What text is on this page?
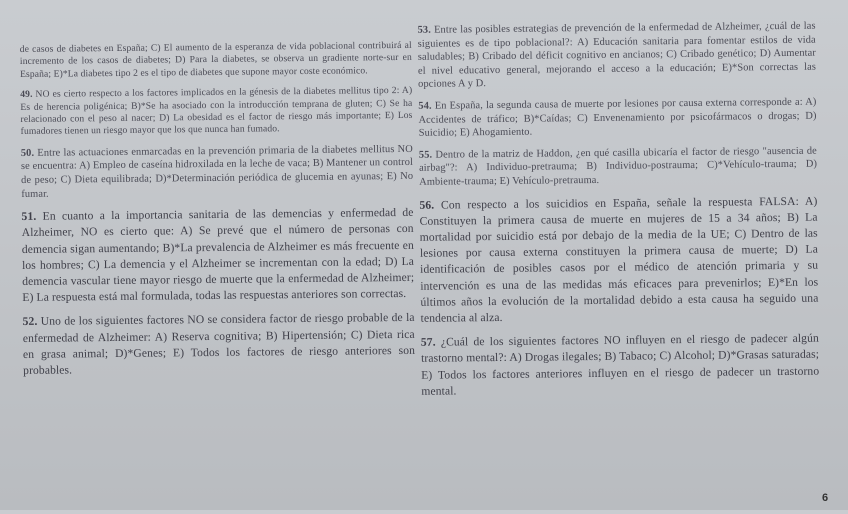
de casos de diabetes en España; C) El aumento de la esperanza de vida poblacional contribuirá al incremento de los casos de diabetes; D) Para la diabetes, se observa un gradiente norte-sur en España; E)*La diabetes tipo 2 es el tipo de diabetes que supone mayor coste económico.

49. NO es cierto respecto a los factores implicados en la génesis de la diabetes mellitus tipo 2: A) Es de herencia poligénica; B)*Se ha asociado con la introducción temprana de gluten; C) Se ha relacionado con el peso al nacer; D) La obesidad es el factor de riesgo más importante; E) Los fumadores tienen un riesgo mayor que los que nunca han fumado.

50. Entre las actuaciones enmarcadas en la prevención primaria de la diabetes mellitus NO se encuentra: A) Empleo de caseína hidroxilada en la leche de vaca; B) Mantener un control de peso; C) Dieta equilibrada; D)*Determinación periódica de glucemia en ayunas; E) No fumar.

51. En cuanto a la importancia sanitaria de las demencias y enfermedad de Alzheimer, NO es cierto que: A) Se prevé que el número de personas con demencia sigan aumentando; B)*La prevalencia de Alzheimer es más frecuente en los hombres; C) La demencia y el Alzheimer se incrementan con la edad; D) La demencia vascular tiene mayor riesgo de muerte que la enfermedad de Alzheimer; E) La respuesta está mal formulada, todas las respuestas anteriores son correctas.

52. Uno de los siguientes factores NO se considera factor de riesgo probable de la enfermedad de Alzheimer: A) Reserva cognitiva; B) Hipertensión; C) Dieta rica en grasa animal; D)*Genes; E) Todos los factores de riesgo anteriores son probables.

53. Entre las posibles estrategias de prevención de la enfermedad de Alzheimer, ¿cuál de las siguientes es de tipo poblacional?: A) Educación sanitaria para fomentar estilos de vida saludables; B) Cribado del déficit cognitivo en ancianos; C) Cribado genético; D) Aumentar el nivel educativo general, mejorando el acceso a la educación; E)*Son correctas las opciones A y D.

54. En España, la segunda causa de muerte por lesiones por causa externa corresponde a: A) Accidentes de tráfico; B)*Caídas; C) Envenenamiento por psicofármacos o drogas; D) Suicidio; E) Ahogamiento.

55. Dentro de la matriz de Haddon, ¿en qué casilla ubicaría el factor de riesgo "ausencia de airbag"?: A) Individuo-pretrauma; B) Individuo-postrauma; C)*Vehículo-trauma; D) Ambiente-trauma; E) Vehículo-pretrauma.

56. Con respecto a los suicidios en España, señale la respuesta FALSA: A) Constituyen la primera causa de muerte en mujeres de 15 a 34 años; B) La mortalidad por suicidio está por debajo de la media de la UE; C) Dentro de las lesiones por causa externa constituyen la primera causa de muerte; D) La identificación de posibles casos por el médico de atención primaria y su intervención es una de las medidas más eficaces para prevenirlos; E)*En los últimos años la evolución de la mortalidad debido a esta causa ha seguido una tendencia al alza.

57. ¿Cuál de los siguientes factores NO influyen en el riesgo de padecer algún trastorno mental?: A) Drogas ilegales; B) Tabaco; C) Alcohol; D)*Grasas saturadas; E) Todos los factores anteriores influyen en el riesgo de padecer un trastorno mental.

6
